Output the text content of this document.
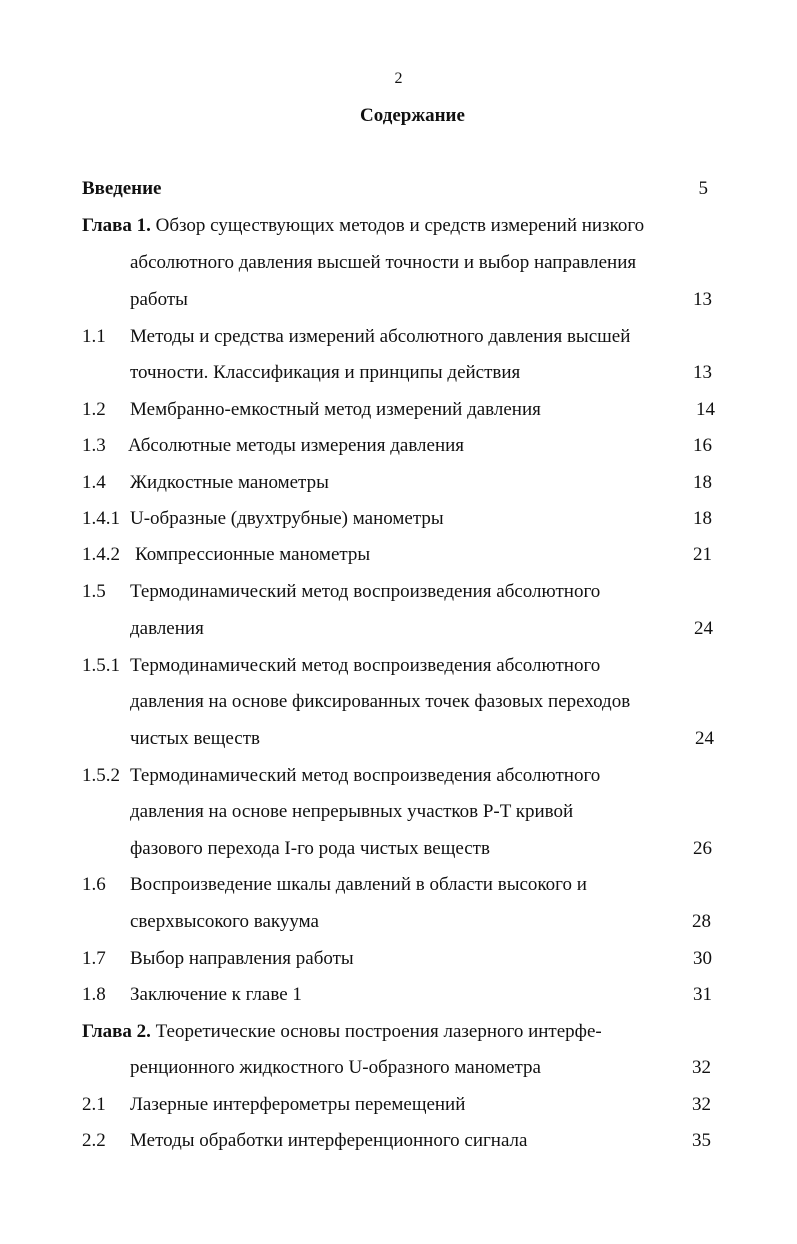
2
Содержание
Введение	5
Глава 1. Обзор существующих методов и средств измерений низкого
абсолютного давления высшей точности и выбор направления
работы	13
1.1 Методы и средства измерений абсолютного давления высшей
точности. Классификация и принципы действия	13
1.2 Мембранно-емкостный метод измерений давления	14
1.3 Абсолютные методы измерения давления	16
1.4 Жидкостные манометры	18
1.4.1 U-образные (двухтрубные) манометры	18
1.4.2 Компрессионные манометры	21
1.5 Термодинамический метод воспроизведения абсолютного
давления	24
1.5.1 Термодинамический метод воспроизведения абсолютного
давления на основе фиксированных точек фазовых переходов
чистых веществ	24
1.5.2 Термодинамический метод воспроизведения абсолютного
давления на основе непрерывных участков P-T кривой
фазового перехода I-го рода чистых веществ	26
1.6 Воспроизведение шкалы давлений в области высокого и
сверхвысокого вакуума	28
1.7 Выбор направления работы	30
1.8 Заключение к главе 1	31
Глава 2. Теоретические основы построения лазерного интерфе-
ренционного жидкостного U-образного манометра	32
2.1 Лазерные интерферометры перемещений	32
2.2 Методы обработки интерференционного сигнала	35
